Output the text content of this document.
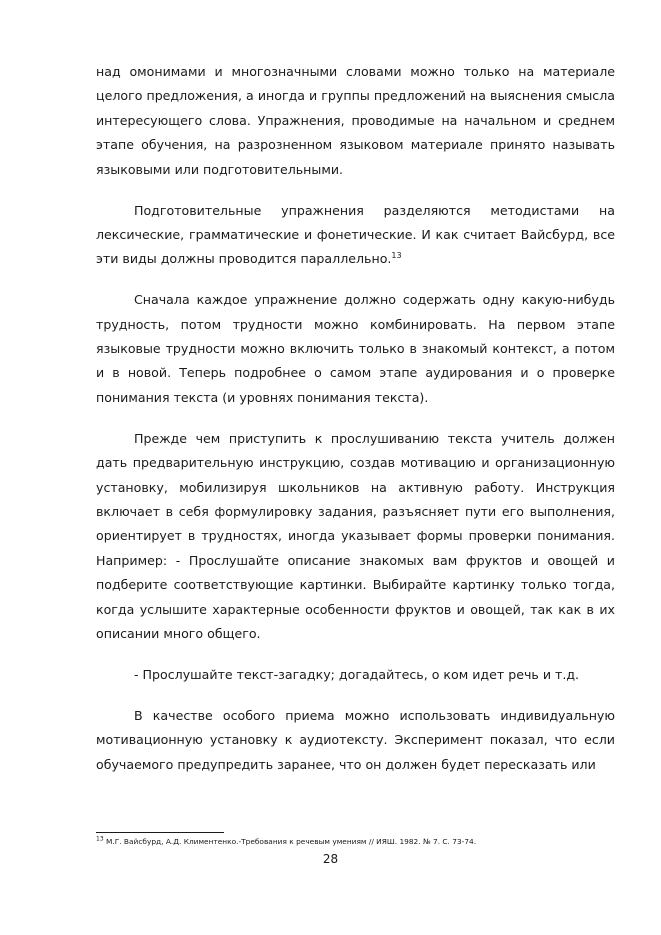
над омонимами и многозначными словами можно только на материале целого предложения, а иногда и группы предложений на выяснения смысла интересующего слова. Упражнения, проводимые на начальном и среднем этапе обучения, на разрозненном языковом материале принято называть языковыми или подготовительными.

Подготовительные упражнения разделяются методистами на лексические, грамматические и фонетические. И как считает Вайсбурд, все эти виды должны проводится параллельно.$^{13}$

Сначала каждое упражнение должно содержать одну какую-нибудь трудность, потом трудности можно комбинировать. На первом этапе языковые трудности можно включить только в знакомый контекст, а потом и в новой. Теперь подробнее о самом этапе аудирования и о проверке понимания текста (и уровнях понимания текста).

Прежде чем приступить к прослушиванию текста учитель должен дать предварительную инструкцию, создав мотивацию и организационную установку, мобилизируя школьников на активную работу. Инструкция включает в себя формулировку задания, разъясняет пути его выполнения, ориентирует в трудностях, иногда указывает формы проверки понимания. Например: - Прослушайте описание знакомых вам фруктов и овощей и подберите соответствующие картинки. Выбирайте картинку только тогда, когда услышите характерные особенности фруктов и овощей, так как в их описании много общего.

- Прослушайте текст-загадку; догадайтесь, о ком идет речь и т.д.

В качестве особого приема можно использовать индивидуальную мотивационную установку к аудиотексту. Эксперимент показал, что если обучаемого предупредить заранее, что он должен будет пересказать или

$^{13}$ М.Г. Вайсбурд, А.Д. Климентенко.-Требования к речевым умениям // ИЯШ. 1982. № 7. С. 73-74.
28
